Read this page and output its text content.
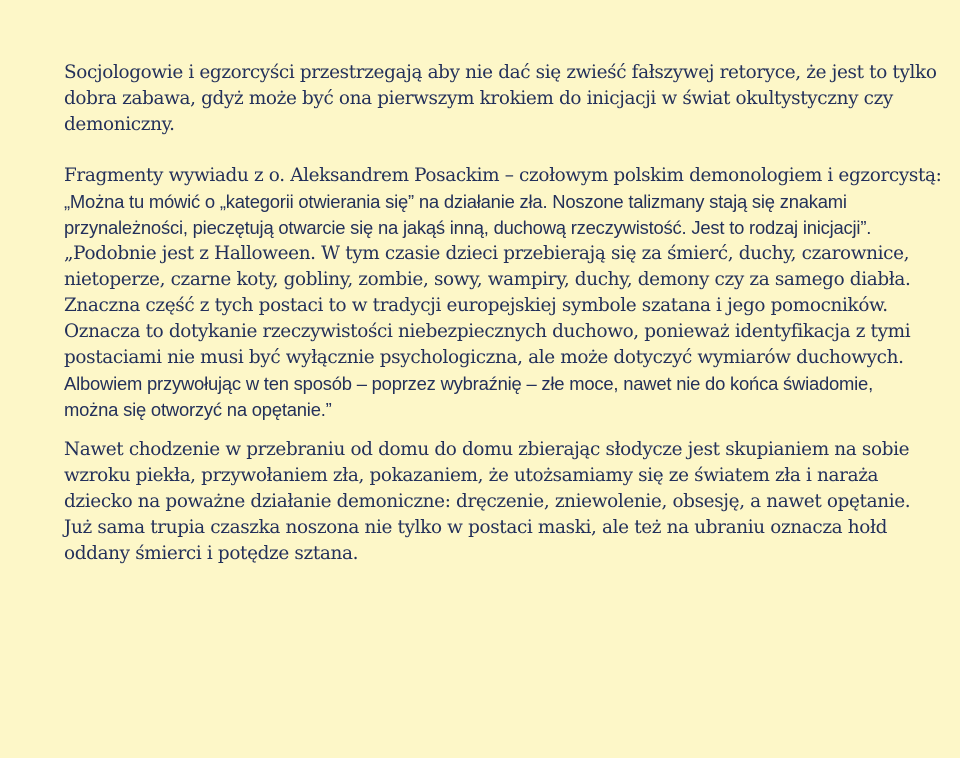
Socjologowie i egzorcyści przestrzegają aby nie dać się zwieść fałszywej retoryce, że jest to tylko
dobra zabawa, gdyż może być ona pierwszym krokiem do inicjacji w świat okultystyczny czy
demoniczny.

Fragmenty wywiadu z o. Aleksandrem Posackim – czołowym polskim demonologiem i egzorcystą:

„Można tu mówić o „kategorii otwierania się” na działanie zła. Noszone talizmany stają się znakami
przynależności, pieczętują otwarcie się na jakąś inną, duchową rzeczywistość. Jest to rodzaj inicjacji”.

„Podobnie jest z Halloween. W tym czasie dzieci przebierają się za śmierć, duchy, czarownice,
nietoperze, czarne koty, gobliny, zombie, sowy, wampiry, duchy, demony czy za samego diabła.
Znaczna część z tych postaci to w tradycji europejskiej symbole szatana i jego pomocników.
Oznacza to dotykanie rzeczywistości niebezpiecznych duchowo, ponieważ identyfikacja z tymi
postaciami nie musi być wyłącznie psychologiczna, ale może dotyczyć wymiarów duchowych.

Albowiem przywołując w ten sposób – poprzez wybraźnię – złe moce, nawet nie do końca świadomie,
można się otworzyć na opętanie.”

Nawet chodzenie w przebraniu od domu do domu zbierając słodycze jest skupianiem na sobie
wzroku piekła, przywołaniem zła, pokazaniem, że utożsamiamy się ze światem zła i naraża
dziecko na poważne działanie demoniczne: dręczenie, zniewolenie, obsesję, a nawet opętanie.
Już sama trupia czaszka noszona nie tylko w postaci maski, ale też na ubraniu oznacza hołd
oddany śmierci i potędze sztana.
